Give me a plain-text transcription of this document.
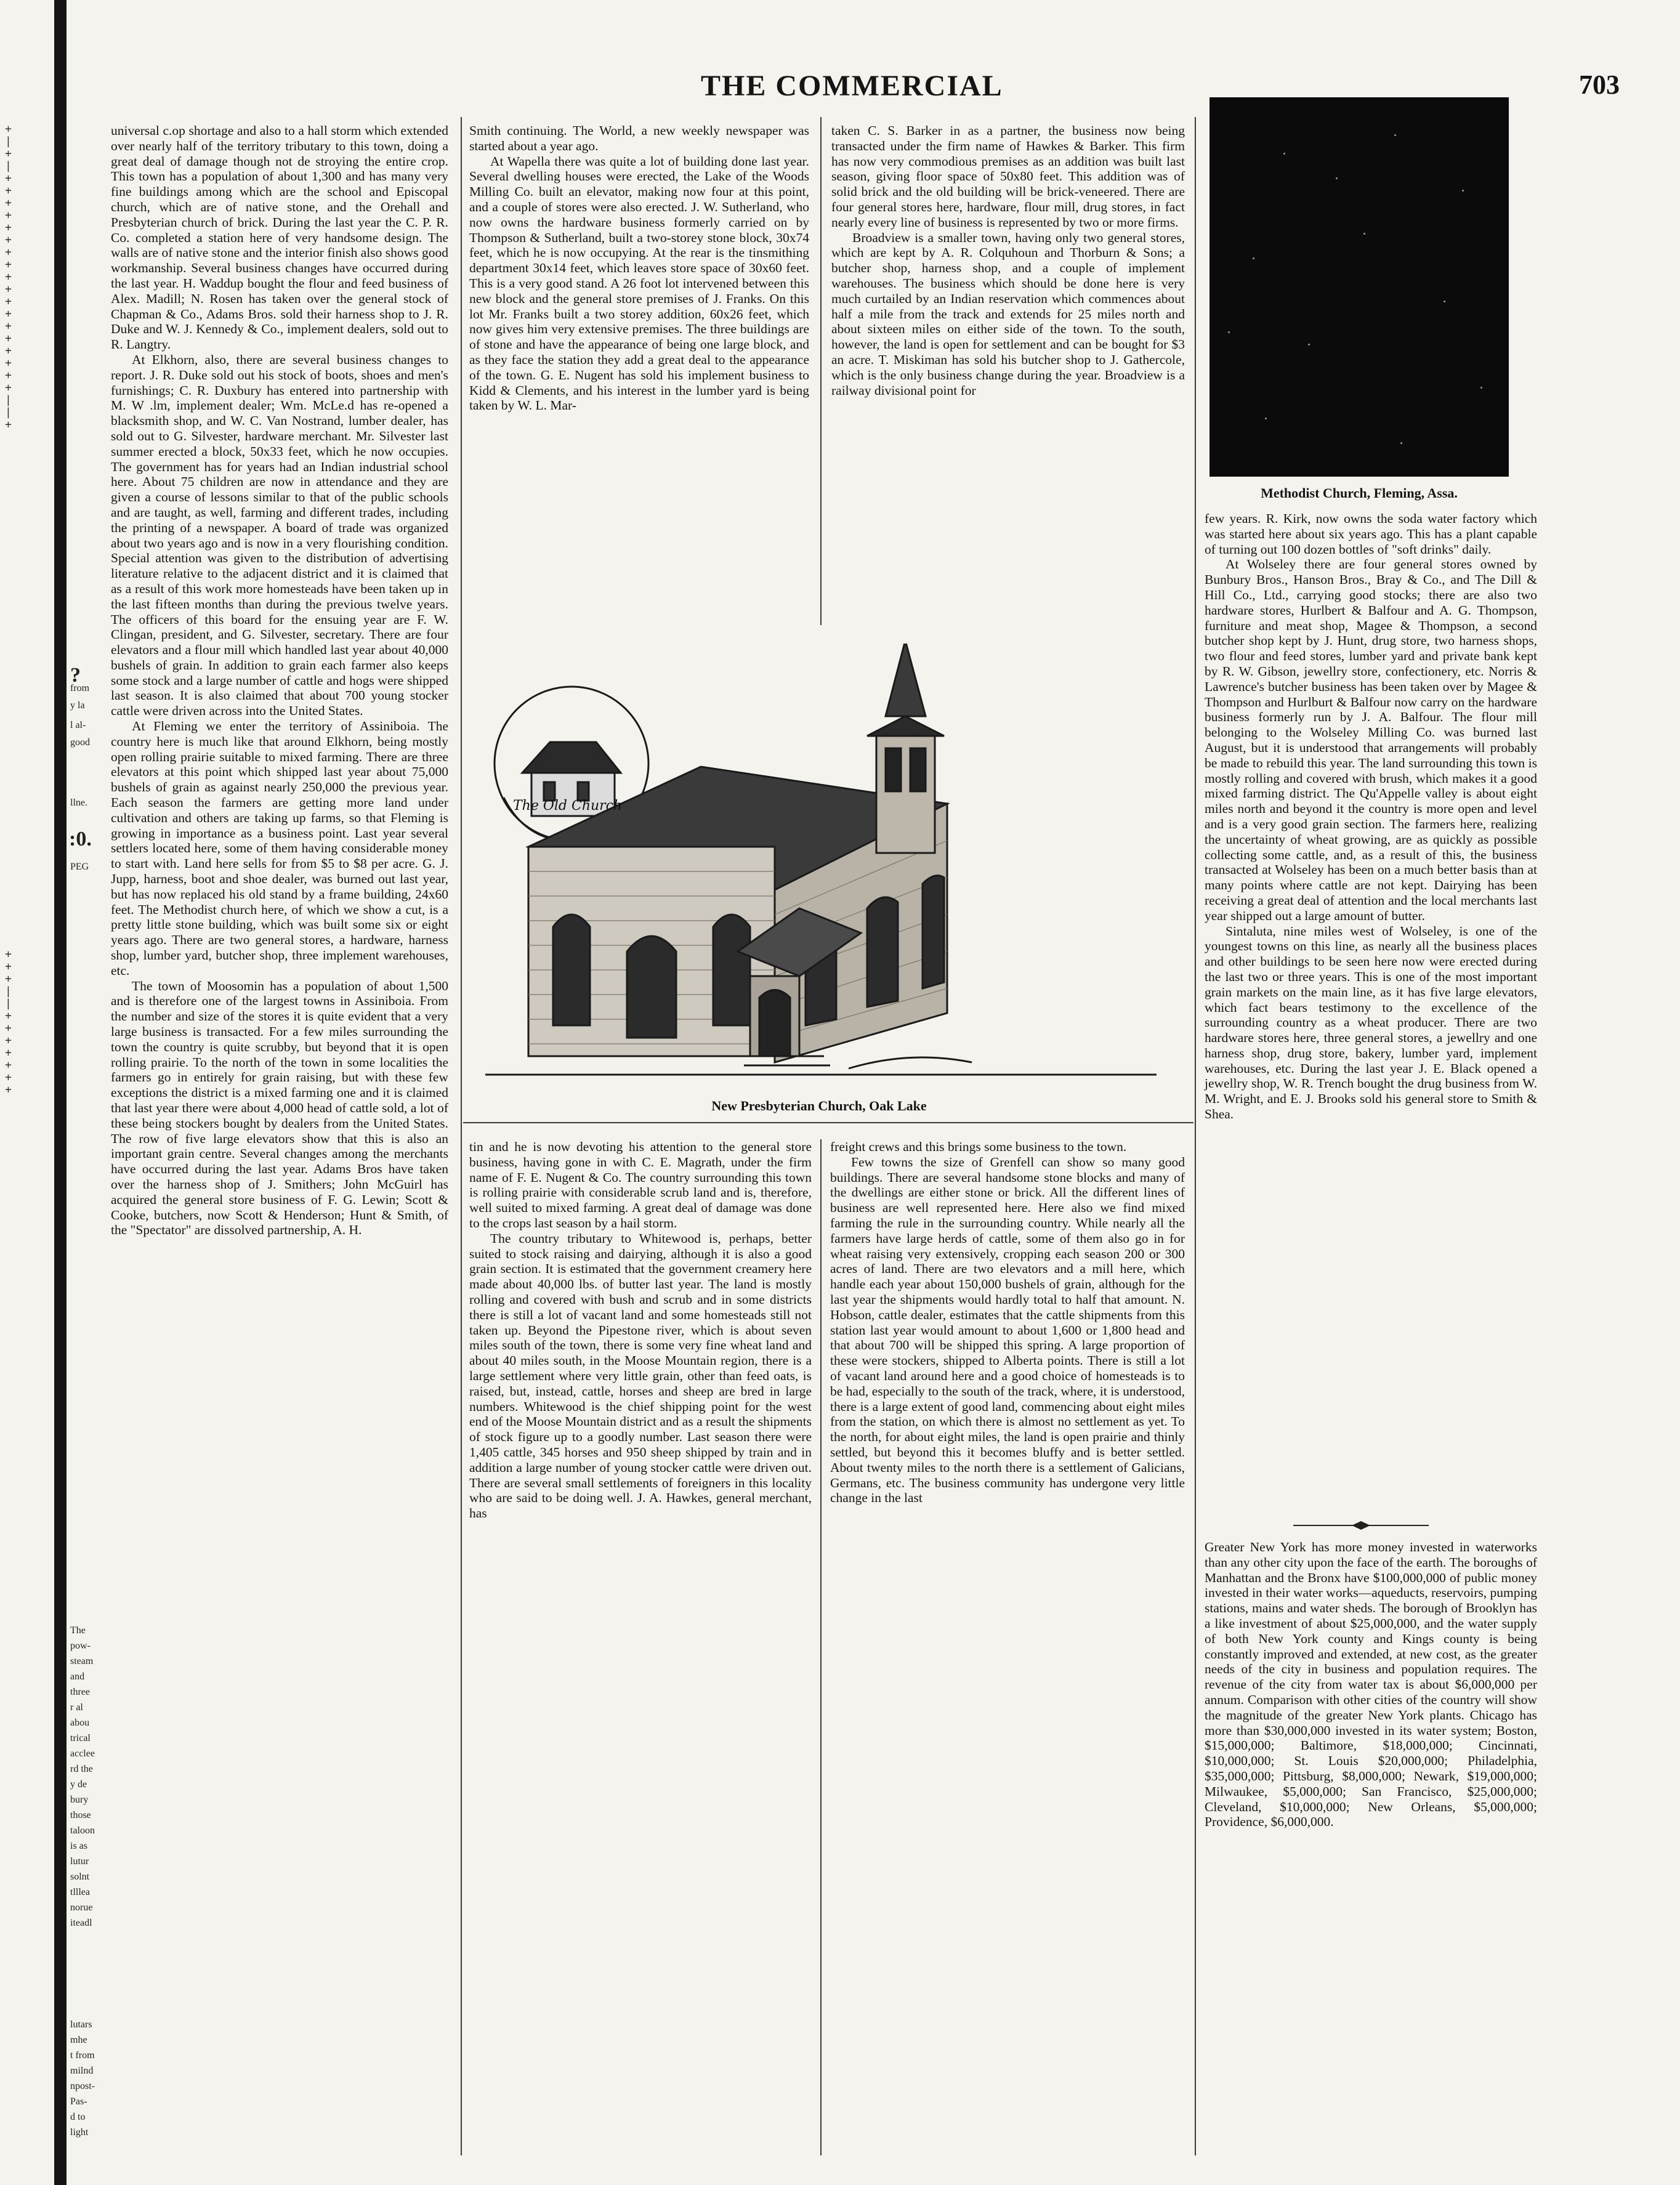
+
|
+
|
+
+
+
+
+
+
+
+
+
+
+
+
+
+
+
+
+
+
|
|
+
+
+
+
|
|
+
+
+
+
+
+
+
?
from
y la
l al-
good
llne.
:0.
PEG
The
pow-
steam
and
three
r al
abou
trical
acclee
rd the
y de
bury
those
taloon
is as
lutur
solnt
tlllea
norue
iteadl
lutars
mhe
t from
milnd
npost-
Pas-
d to
light
THE COMMERCIAL	703

universal c.op shortage and also to a hall storm which extended over nearly half of the territory tributary to this town, doing a great deal of damage though not de stroying the entire crop. This town has a population of about 1,300 and has many very fine buildings among which are the school and Episcopal church, which are of native stone, and the Orehall and Presbyterian church of brick. During the last year the C. P. R. Co. completed a station here of very handsome design. The walls are of native stone and the interior finish also shows good workmanship. Several business changes have occurred during the last year. H. Waddup bought the flour and feed business of Alex. Madill; N. Rosen has taken over the general stock of Chapman & Co., Adams Bros. sold their harness shop to J. R. Duke and W. J. Kennedy & Co., implement dealers, sold out to R. Langtry.

At Elkhorn, also, there are several business changes to report. J. R. Duke sold out his stock of boots, shoes and men's furnishings; C. R. Duxbury has entered into partnership with M. W .lm, implement dealer; Wm. McLe.d has re-opened a blacksmith shop, and W. C. Van Nostrand, lumber dealer, has sold out to G. Silvester, hardware merchant. Mr. Silvester last summer erected a block, 50x33 feet, which he now occupies. The government has for years had an Indian industrial school here. About 75 children are now in attendance and they are given a course of lessons similar to that of the public schools and are taught, as well, farming and different trades, including the printing of a newspaper. A board of trade was organized about two years ago and is now in a very flourishing condition. Special attention was given to the distribution of advertising literature relative to the adjacent district and it is claimed that as a result of this work more homesteads have been taken up in the last fifteen months than during the previous twelve years. The officers of this board for the ensuing year are F. W. Clingan, president, and G. Silvester, secretary. There are four elevators and a flour mill which handled last year about 40,000 bushels of grain. In addition to grain each farmer also keeps some stock and a large number of cattle and hogs were shipped last season. It is also claimed that about 700 young stocker cattle were driven across into the United States.

At Fleming we enter the territory of Assiniboia. The country here is much like that around Elkhorn, being mostly open rolling prairie suitable to mixed farming. There are three elevators at this point which shipped last year about 75,000 bushels of grain as against nearly 250,000 the previous year. Each season the farmers are getting more land under cultivation and others are taking up farms, so that Fleming is growing in importance as a business point. Last year several settlers located here, some of them having considerable money to start with. Land here sells for from $5 to $8 per acre. G. J. Jupp, harness, boot and shoe dealer, was burned out last year, but has now replaced his old stand by a frame building, 24x60 feet. The Methodist church here, of which we show a cut, is a pretty little stone building, which was built some six or eight years ago. There are two general stores, a hardware, harness shop, lumber yard, butcher shop, three implement warehouses, etc.

The town of Moosomin has a population of about 1,500 and is therefore one of the largest towns in Assiniboia. From the number and size of the stores it is quite evident that a very large business is transacted. For a few miles surrounding the town the country is quite scrubby, but beyond that it is open rolling prairie. To the north of the town in some localities the farmers go in entirely for grain raising, but with these few exceptions the district is a mixed farming one and it is claimed that last year there were about 4,000 head of cattle sold, a lot of these being stockers bought by dealers from the United States. The row of five large elevators show that this is also an important grain centre. Several changes among the merchants have occurred during the last year. Adams Bros have taken over the harness shop of J. Smithers; John McGuirl has acquired the general store business of F. G. Lewin; Scott & Cooke, butchers, now Scott & Henderson; Hunt & Smith, of the "Spectator" are dissolved partnership, A. H.

Smith continuing. The World, a new weekly newspaper was started about a year ago.

At Wapella there was quite a lot of building done last year. Several dwelling houses were erected, the Lake of the Woods Milling Co. built an elevator, making now four at this point, and a couple of stores were also erected. J. W. Sutherland, who now owns the hardware business formerly carried on by Thompson & Sutherland, built a two-storey stone block, 30x74 feet, which he is now occupying. At the rear is the tinsmithing department 30x14 feet, which leaves store space of 30x60 feet. This is a very good stand. A 26 foot lot intervened between this new block and the general store premises of J. Franks. On this lot Mr. Franks built a two storey addition, 60x26 feet, which now gives him very extensive premises. The three buildings are of stone and have the appearance of being one large block, and as they face the station they add a great deal to the appearance of the town. G. E. Nugent has sold his implement business to Kidd & Clements, and his interest in the lumber yard is being taken by W. L. Mar-

taken C. S. Barker in as a partner, the business now being transacted under the firm name of Hawkes & Barker. This firm has now very commodious premises as an addition was built last season, giving floor space of 50x80 feet. This addition was of solid brick and the old building will be brick-veneered. There are four general stores here, hardware, flour mill, drug stores, in fact nearly every line of business is represented by two or more firms.

Broadview is a smaller town, having only two general stores, which are kept by A. R. Colquhoun and Thorburn & Sons; a butcher shop, harness shop, and a couple of implement warehouses. The business which should be done here is very much curtailed by an Indian reservation which commences about half a mile from the track and extends for 25 miles north and about sixteen miles on either side of the town. To the south, however, the land is open for settlement and can be bought for $3 an acre. T. Miskiman has sold his butcher shop to J. Gathercole, which is the only business change during the year. Broadview is a railway divisional point for

Methodist Church, Fleming, Assa.

few years. R. Kirk, now owns the soda water factory which was started here about six years ago. This has a plant capable of turning out 100 dozen bottles of "soft drinks" daily.

At Wolseley there are four general stores owned by Bunbury Bros., Hanson Bros., Bray & Co., and The Dill & Hill Co., Ltd., carrying good stocks; there are also two hardware stores, Hurlbert & Balfour and A. G. Thompson, furniture and meat shop, Magee & Thompson, a second butcher shop kept by J. Hunt, drug store, two harness shops, two flour and feed stores, lumber yard and private bank kept by R. W. Gibson, jewellry store, confectionery, etc. Norris & Lawrence's butcher business has been taken over by Magee & Thompson and Hurlburt & Balfour now carry on the hardware business formerly run by J. A. Balfour. The flour mill belonging to the Wolseley Milling Co. was burned last August, but it is understood that arrangements will probably be made to rebuild this year. The land surrounding this town is mostly rolling and covered with brush, which makes it a good mixed farming district. The Qu'Appelle valley is about eight miles north and beyond it the country is more open and level and is a very good grain section. The farmers here, realizing the uncertainty of wheat growing, are as quickly as possible collecting some cattle, and, as a result of this, the business transacted at Wolseley has been on a much better basis than at many points where cattle are not kept. Dairying has been receiving a great deal of attention and the local merchants last year shipped out a large amount of butter.

Sintaluta, nine miles west of Wolseley, is one of the youngest towns on this line, as nearly all the business places and other buildings to be seen here now were erected during the last two or three years. This is one of the most important grain markets on the main line, as it has five large elevators, which fact bears testimony to the excellence of the surrounding country as a wheat producer. There are two hardware stores here, three general stores, a jewellry and one harness shop, drug store, bakery, lumber yard, implement warehouses, etc. During the last year J. E. Black opened a jewellry shop, W. R. Trench bought the drug business from W. M. Wright, and E. J. Brooks sold his general store to Smith & Shea.

The Old Church
New Presbyterian Church, Oak Lake

tin and he is now devoting his attention to the general store business, having gone in with C. E. Magrath, under the firm name of F. E. Nugent & Co. The country surrounding this town is rolling prairie with considerable scrub land and is, therefore, well suited to mixed farming. A great deal of damage was done to the crops last season by a hail storm.

The country tributary to Whitewood is, perhaps, better suited to stock raising and dairying, although it is also a good grain section. It is estimated that the government creamery here made about 40,000 lbs. of butter last year. The land is mostly rolling and covered with bush and scrub and in some districts there is still a lot of vacant land and some homesteads still not taken up. Beyond the Pipestone river, which is about seven miles south of the town, there is some very fine wheat land and about 40 miles south, in the Moose Mountain region, there is a large settlement where very little grain, other than feed oats, is raised, but, instead, cattle, horses and sheep are bred in large numbers. Whitewood is the chief shipping point for the west end of the Moose Mountain district and as a result the shipments of stock figure up to a goodly number. Last season there were 1,405 cattle, 345 horses and 950 sheep shipped by train and in addition a large number of young stocker cattle were driven out. There are several small settlements of foreigners in this locality who are said to be doing well. J. A. Hawkes, general merchant, has

freight crews and this brings some business to the town.

Few towns the size of Grenfell can show so many good buildings. There are several handsome stone blocks and many of the dwellings are either stone or brick. All the different lines of business are well represented here. Here also we find mixed farming the rule in the surrounding country. While nearly all the farmers have large herds of cattle, some of them also go in for wheat raising very extensively, cropping each season 200 or 300 acres of land. There are two elevators and a mill here, which handle each year about 150,000 bushels of grain, although for the last year the shipments would hardly total to half that amount. N. Hobson, cattle dealer, estimates that the cattle shipments from this station last year would amount to about 1,600 or 1,800 head and that about 700 will be shipped this spring. A large proportion of these were stockers, shipped to Alberta points. There is still a lot of vacant land around here and a good choice of homesteads is to be had, especially to the south of the track, where, it is understood, there is a large extent of good land, commencing about eight miles from the station, on which there is almost no settlement as yet. To the north, for about eight miles, the land is open prairie and thinly settled, but beyond this it becomes bluffy and is better settled. About twenty miles to the north there is a settlement of Galicians, Germans, etc. The business community has undergone very little change in the last

Greater New York has more money invested in waterworks than any other city upon the face of the earth. The boroughs of Manhattan and the Bronx have $100,000,000 of public money invested in their water works—aqueducts, reservoirs, pumping stations, mains and water sheds. The borough of Brooklyn has a like investment of about $25,000,000, and the water supply of both New York county and Kings county is being constantly improved and extended, at new cost, as the greater needs of the city in business and population requires. The revenue of the city from water tax is about $6,000,000 per annum. Comparison with other cities of the country will show the magnitude of the greater New York plants. Chicago has more than $30,000,000 invested in its water system; Boston, $15,000,000; Baltimore, $18,000,000; Cincinnati, $10,000,000; St. Louis $20,000,000; Philadelphia, $35,000,000; Pittsburg, $8,000,000; Newark, $19,000,000; Milwaukee, $5,000,000; San Francisco, $25,000,000; Cleveland, $10,000,000; New Orleans, $5,000,000; Providence, $6,000,000.
